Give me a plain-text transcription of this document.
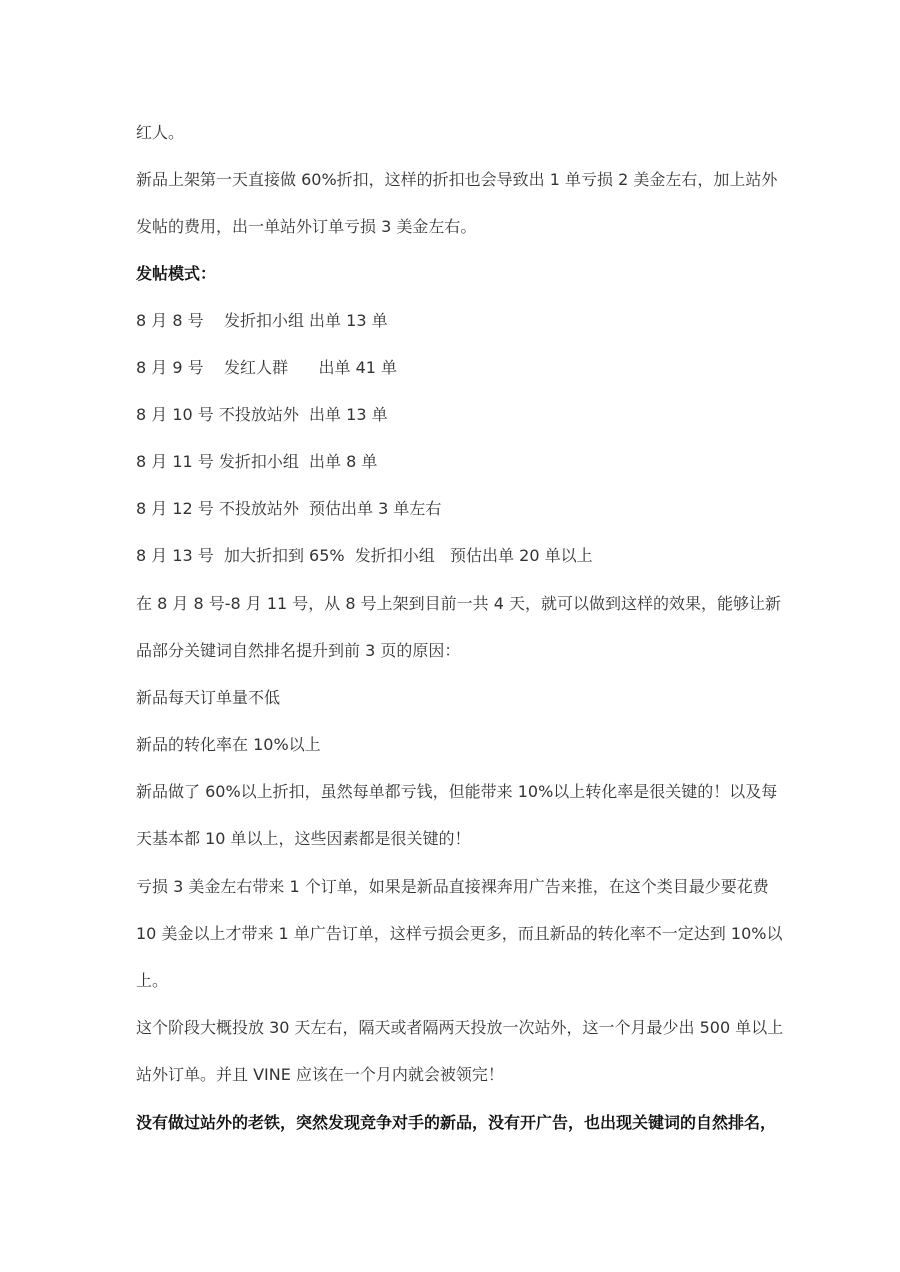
红人。
新品上架第一天直接做 60%折扣，这样的折扣也会导致出 1 单亏损 2 美金左右，加上站外
发帖的费用，出一单站外订单亏损 3 美金左右。
发帖模式：
8 月 8 号    发折扣小组 出单 13 单
8 月 9 号    发红人群      出单 41 单
8 月 10 号 不投放站外  出单 13 单
8 月 11 号 发折扣小组  出单 8 单
8 月 12 号 不投放站外  预估出单 3 单左右
8 月 13 号  加大折扣到 65%  发折扣小组   预估出单 20 单以上
在 8 月 8 号-8 月 11 号，从 8 号上架到目前一共 4 天，就可以做到这样的效果，能够让新
品部分关键词自然排名提升到前 3 页的原因：
新品每天订单量不低
新品的转化率在 10%以上
新品做了 60%以上折扣，虽然每单都亏钱，但能带来 10%以上转化率是很关键的！以及每
天基本都 10 单以上，这些因素都是很关键的！
亏损 3 美金左右带来 1 个订单，如果是新品直接裸奔用广告来推，在这个类目最少要花费
10 美金以上才带来 1 单广告订单，这样亏损会更多，而且新品的转化率不一定达到 10%以
上。
这个阶段大概投放 30 天左右，隔天或者隔两天投放一次站外，这一个月最少出 500 单以上
站外订单。并且 VINE 应该在一个月内就会被领完！
没有做过站外的老铁，突然发现竞争对手的新品，没有开广告，也出现关键词的自然排名，
